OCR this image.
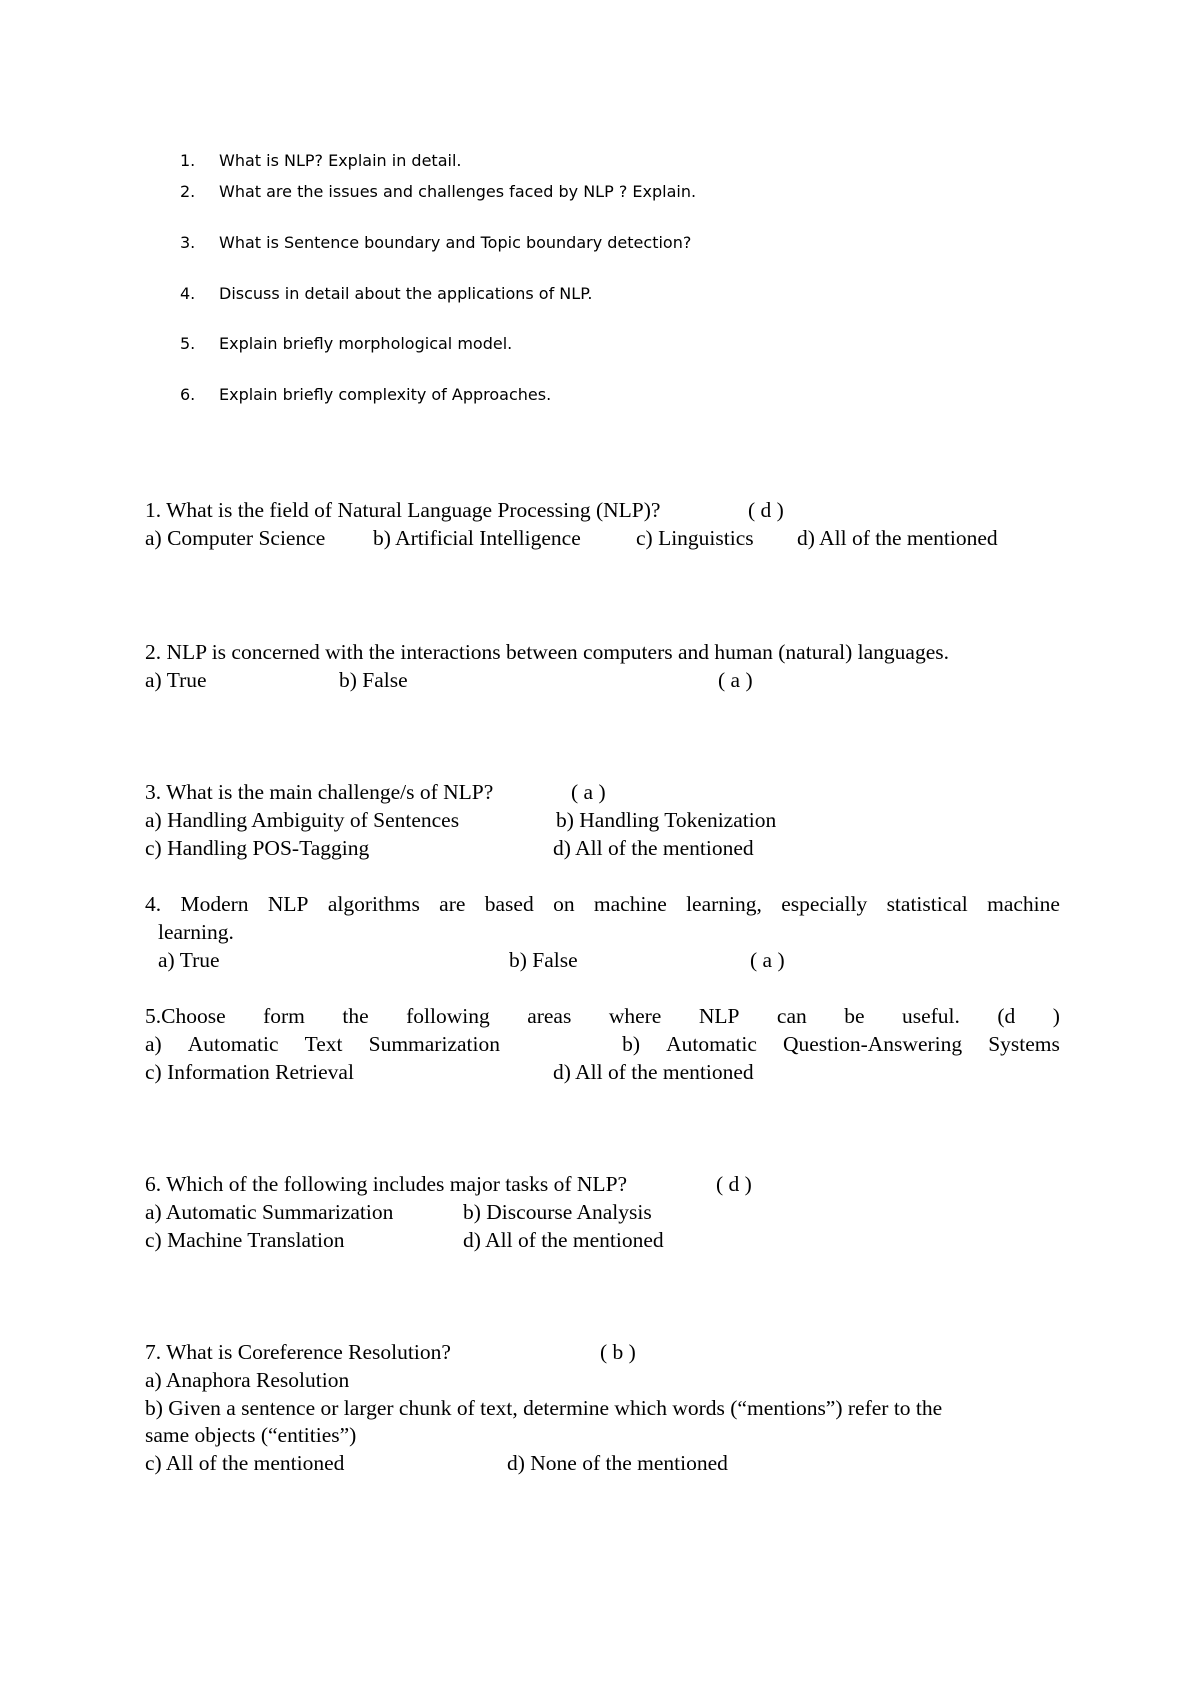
1.	What is NLP? Explain in detail.
2.	What are the issues and challenges faced by NLP ? Explain.
3.	What is Sentence boundary and Topic boundary detection?
4.	Discuss in detail about the applications of NLP.
5.	Explain briefly morphological model.
6.	Explain briefly complexity of Approaches.
1. What is the field of Natural Language Processing (NLP)?	( d )
a) Computer Science b) Artificial Intelligence	c) Linguistics d) All of the mentioned
2. NLP is concerned with the interactions between computers and human (natural) languages.
a) True	b) False	( a )
3. What is the main challenge/s of NLP?	( a )
a) Handling Ambiguity of Sentences	b) Handling Tokenization
c) Handling POS-Tagging	d) All of the mentioned
4. Modern NLP algorithms are based on machine learning, especially statistical machine
learning.
a) True	b) False	( a )
5.Choose form the following areas where NLP can be useful. (d )
a) Automatic Text Summarization	b) Automatic Question-Answering Systems
c) Information Retrieval	d) All of the mentioned
6. Which of the following includes major tasks of NLP?	( d )
a) Automatic Summarization	b) Discourse Analysis
c) Machine Translation	d) All of the mentioned
7. What is Coreference Resolution?	( b )
a) Anaphora Resolution
b) Given a sentence or larger chunk of text, determine which words (“mentions”) refer to the
same objects (“entities”)
c) All of the mentioned	d) None of the mentioned
